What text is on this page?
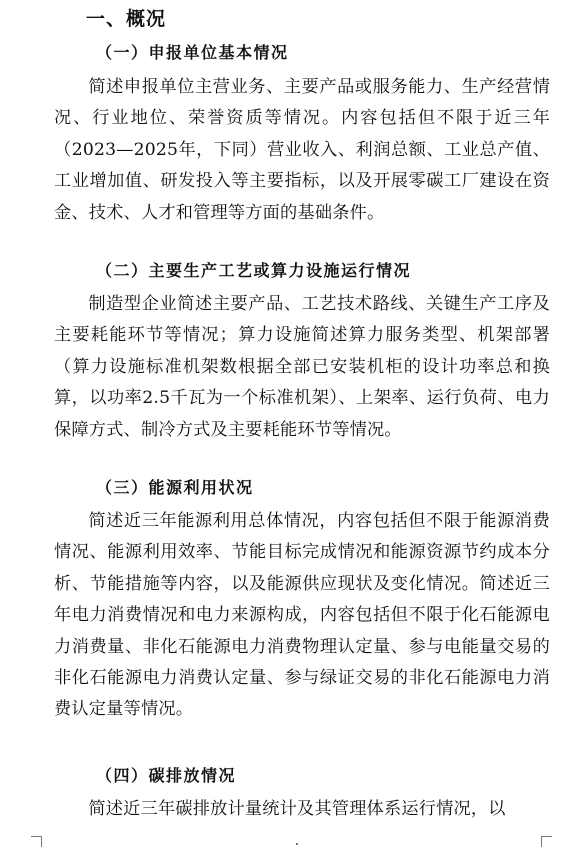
一、概况
（一）申报单位基本情况

简述申报单位主营业务、主要产品或服务能力、生产经营情况、行业地位、荣誉资质等情况。内容包括但不限于近三年（2023—2025年，下同）营业收入、利润总额、工业总产值、工业增加值、研发投入等主要指标，以及开展零碳工厂建设在资金、技术、人才和管理等方面的基础条件。

（二）主要生产工艺或算力设施运行情况

制造型企业简述主要产品、工艺技术路线、关键生产工序及主要耗能环节等情况；算力设施简述算力服务类型、机架部署（算力设施标准机架数根据全部已安装机柜的设计功率总和换算，以功率2.5千瓦为一个标准机架）、上架率、运行负荷、电力保障方式、制冷方式及主要耗能环节等情况。

（三）能源利用状况

简述近三年能源利用总体情况，内容包括但不限于能源消费情况、能源利用效率、节能目标完成情况和能源资源节约成本分析、节能措施等内容，以及能源供应现状及变化情况。简述近三年电力消费情况和电力来源构成，内容包括但不限于化石能源电力消费量、非化石能源电力消费物理认定量、参与电能量交易的非化石能源电力消费认定量、参与绿证交易的非化石能源电力消费认定量等情况。

（四）碳排放情况

简述近三年碳排放计量统计及其管理体系运行情况，以
